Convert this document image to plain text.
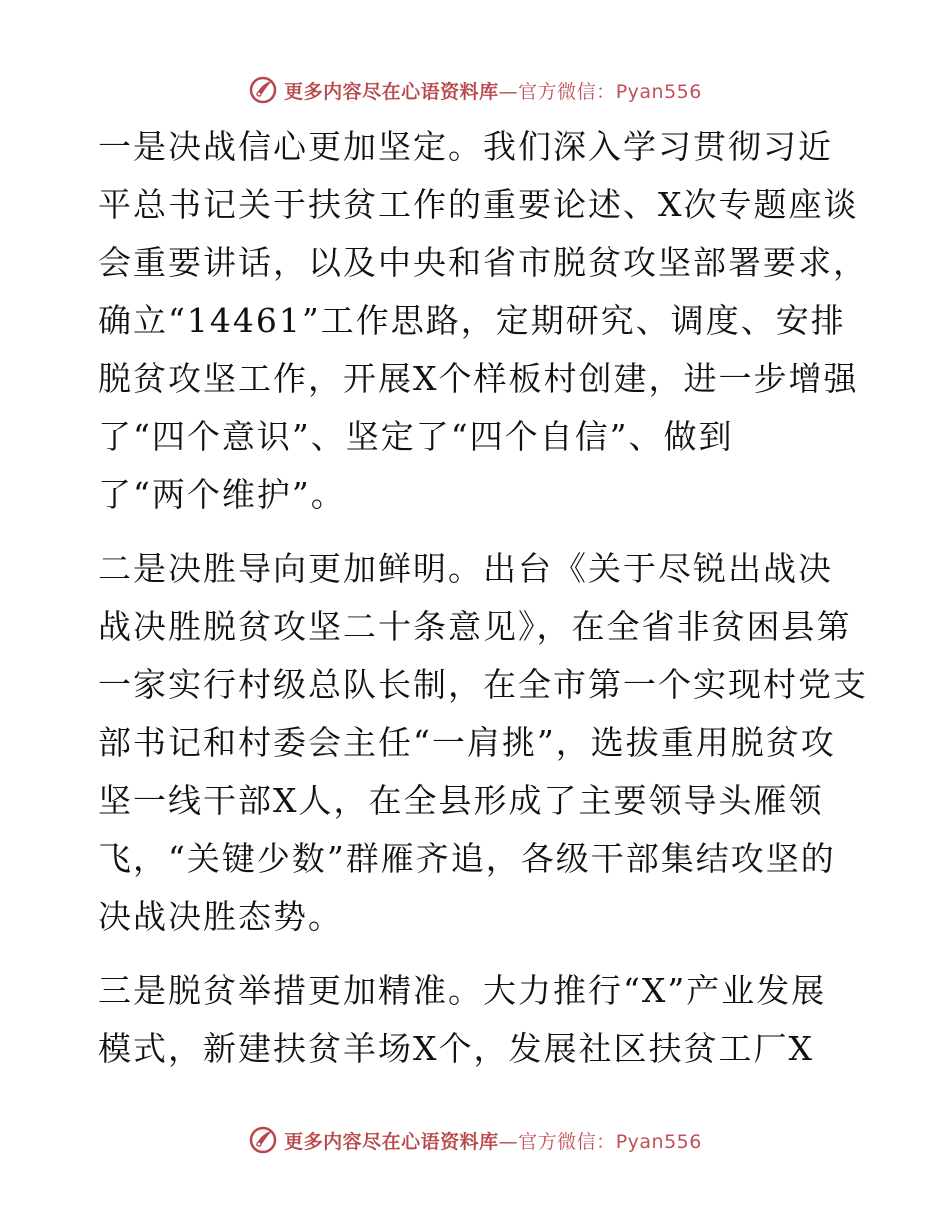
更多内容尽在心语资料库—官方微信：Pyan556

一是决战信心更加坚定。我们深入学习贯彻习近
平总书记关于扶贫工作的重要论述、X次专题座谈
会重要讲话，以及中央和省市脱贫攻坚部署要求，
确立“14461”工作思路，定期研究、调度、安排
脱贫攻坚工作，开展X个样板村创建，进一步增强
了“四个意识”、坚定了“四个自信”、做到
了“两个维护”。

二是决胜导向更加鲜明。出台《关于尽锐出战决
战决胜脱贫攻坚二十条意见》，在全省非贫困县第
一家实行村级总队长制，在全市第一个实现村党支
部书记和村委会主任“一肩挑”，选拔重用脱贫攻
坚一线干部X人，在全县形成了主要领导头雁领
飞，“关键少数”群雁齐追，各级干部集结攻坚的
决战决胜态势。

三是脱贫举措更加精准。大力推行“X”产业发展
模式，新建扶贫羊场X个，发展社区扶贫工厂X

更多内容尽在心语资料库—官方微信：Pyan556
